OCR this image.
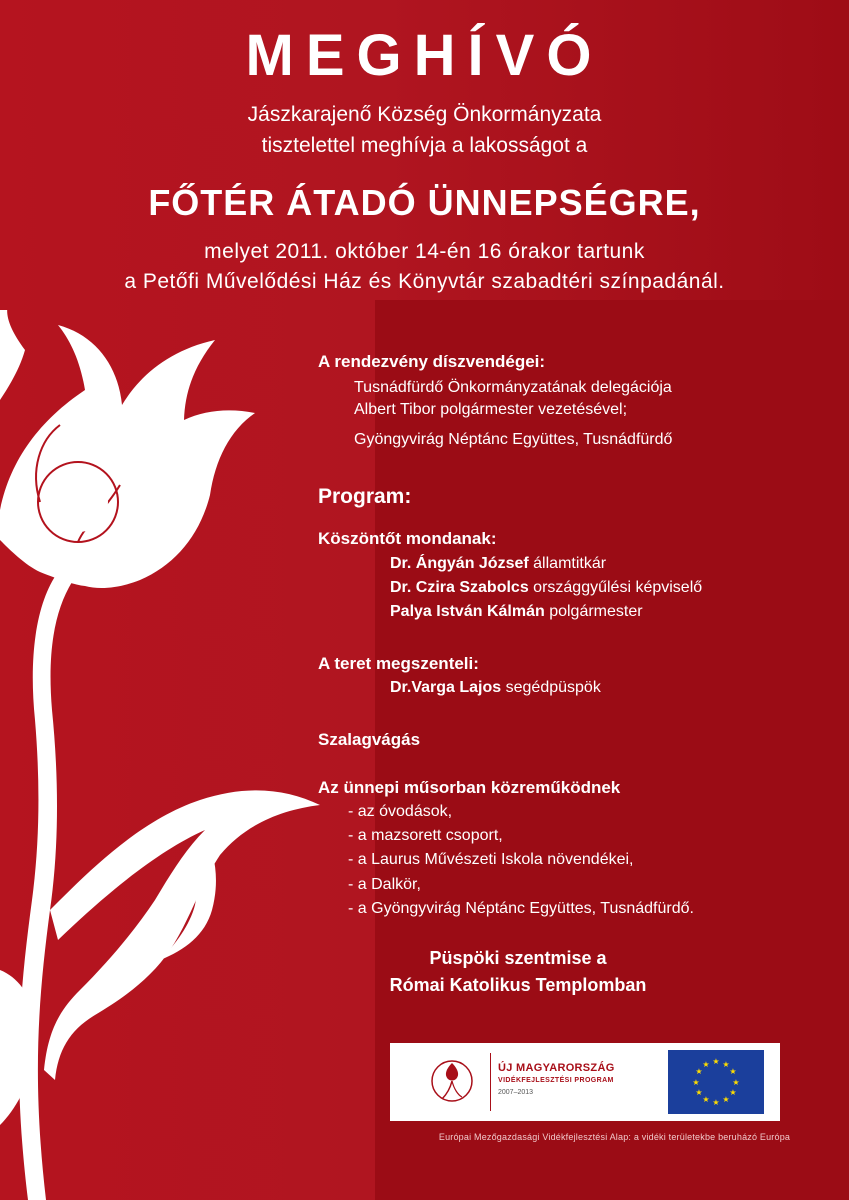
MEGHÍVÓ
Jászkarajenő Község Önkormányzata
tisztelettel meghívja a lakosságot a
FŐTÉR ÁTADÓ ÜNNEPSÉGRE,
melyet 2011. október 14-én 16 órakor tartunk
a Petőfi Művelődési Ház és Könyvtár szabadtéri színpadánál.
A rendezvény díszvendégei:
Tusnádfürdő Önkormányzatának delegációja
Albert Tibor polgármester vezetésével;
Gyöngyvirág Néptánc Együttes, Tusnádfürdő
Program:
Köszöntőt mondanak:
Dr. Ángyán József államtitkár
Dr. Czira Szabolcs országgyűlési képviselő
Palya István Kálmán polgármester
A teret megszenteli:
Dr.Varga Lajos segédpüspök
Szalagvágás
Az ünnepi műsorban közreműködnek
- az óvodások,
- a mazsorett csoport,
- a Laurus Művészeti Iskola növendékei,
- a Dalkör,
- a Gyöngyvirág Néptánc Együttes, Tusnádfürdő.
Püspöki szentmise a
Római Katolikus Templomban
ÚJ MAGYARORSZÁG
VIDÉKFEJLESZTÉSI PROGRAM
2007–2013
★ ★
★
★
★
★
★
★
★
★
★
★
Európai Mezőgazdasági Vidékfejlesztési Alap: a vidéki területekbe beruházó Európa
